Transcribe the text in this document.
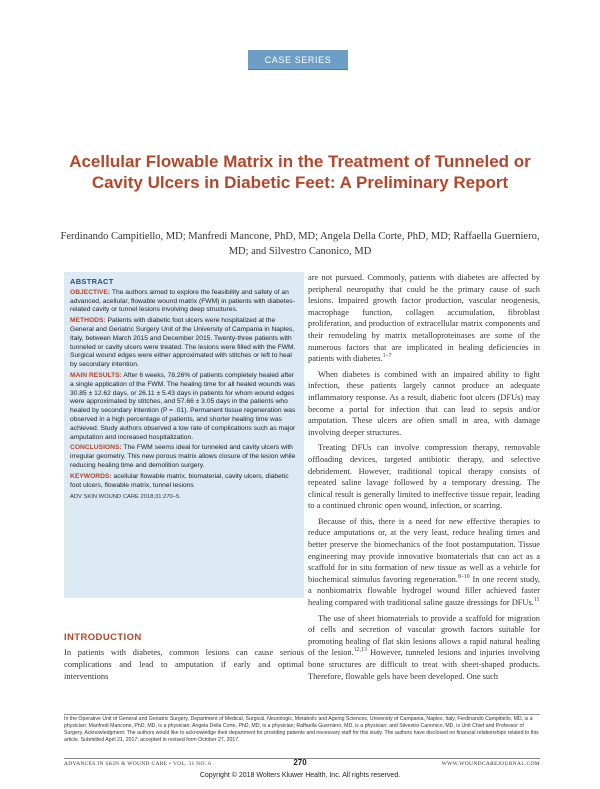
CASE SERIES
Acellular Flowable Matrix in the Treatment of Tunneled or Cavity Ulcers in Diabetic Feet: A Preliminary Report

Ferdinando Campitiello, MD; Manfredi Mancone, PhD, MD; Angela Della Corte, PhD, MD; Raffaella Guerniero, MD; and Silvestro Canonico, MD

ABSTRACT

OBJECTIVE: The authors aimed to explore the feasibility and safety of an advanced, acellular, flowable wound matrix (FWM) in patients with diabetes-related cavity or tunnel lesions involving deep structures.

METHODS: Patients with diabetic foot ulcers were hospitalized at the General and Geriatric Surgery Unit of the University of Campania in Naples, Italy, between March 2015 and December 2015. Twenty-three patients with tunneled or cavity ulcers were treated. The lesions were filled with the FWM. Surgical wound edges were either approximated with stitches or left to heal by secondary intention.

MAIN RESULTS: After 6 weeks, 78.26% of patients completely healed after a single application of the FWM. The healing time for all healed wounds was 30.85 ± 12.62 days, or 26.11 ± 5.43 days in patients for whom wound edges were approximated by stitches, and 57.66 ± 3.05 days in the patients who healed by secondary intention (P = .01). Permanent tissue regeneration was observed in a high percentage of patients, and shorter healing time was achieved. Study authors observed a low rate of complications such as major amputation and increased hospitalization.

CONCLUSIONS: The FWM seems ideal for tunneled and cavity ulcers with irregular geometry. This new porous matrix allows closure of the lesion while reducing healing time and demolition surgery.

KEYWORDS: acellular flowable matrix, biomaterial, cavity ulcers, diabetic foot ulcers, flowable matrix, tunnel lesions

ADV SKIN WOUND CARE 2018;31:270–5.
INTRODUCTION

In patients with diabetes, common lesions can cause serious complications and lead to amputation if early and optimal interventions

are not pursued. Commonly, patients with diabetes are affected by peripheral neuropathy that could be the primary cause of such lesions. Impaired growth factor production, vascular neogenesis, macrophage function, collagen accumulation, fibroblast proliferation, and production of extracellular matrix components and their remodeling by matrix metalloproteinases are some of the numerous factors that are implicated in healing deficiencies in patients with diabetes.$^{1-7}$

When diabetes is combined with an impaired ability to fight infection, these patients largely cannot produce an adequate inflammatory response. As a result, diabetic foot ulcers (DFUs) may become a portal for infection that can lead to sepsis and/or amputation. These ulcers are often small in area, with damage involving deeper structures.

Treating DFUs can involve compression therapy, removable offloading devices, targeted antibiotic therapy, and selective debridement. However, traditional topical therapy consists of repeated saline lavage followed by a temporary dressing. The clinical result is generally limited to ineffective tissue repair, leading to a continued chronic open wound, infection, or scarring.

Because of this, there is a need for new effective therapies to reduce amputations or, at the very least, reduce healing times and better preserve the biomechanics of the foot postamputation. Tissue engineering may provide innovative biomaterials that can act as a scaffold for in situ formation of new tissue as well as a vehicle for biochemical stimulus favoring regeneration.$^{8-10}$ In one recent study, a nonbiomatrix flowable hydrogel wound filler achieved faster healing compared with traditional saline gauze dressings for DFUs.$^{11}$

The use of sheet biomaterials to provide a scaffold for migration of cells and secretion of vascular growth factors suitable for promoting healing of flat skin lesions allows a rapid natural healing of the lesion.$^{12,13}$ However, tunneled lesions and injuries involving bone structures are difficult to treat with sheet-shaped products. Therefore, flowable gels have been developed. One such

In the Operative Unit of General and Geriatric Surgery, Department of Medical, Surgical, Neurologic, Metabolic and Ageing Sciences, University of Campania, Naples, Italy, Ferdinando Campitiello, MD, is a physician; Manfredi Mancone, PhD, MD, is a physician; Angela Della Corte, PhD, MD, is a physician; Raffaella Guerniero, MD, is a physician; and Silvestro Canonico, MD, is Unit Chief and Professor of Surgery. Acknowledgment: The authors would like to acknowledge their department for providing patients and necessary staff for this study. The authors have disclosed no financial relationships related to this article. Submitted April 21, 2017; accepted in revised form October 27, 2017.

ADVANCES IN SKIN & WOUND CARE • VOL. 31 NO. 6	270	WWW.WOUNDCAREJOURNAL.COM
Copyright © 2018 Wolters Kluwer Health, Inc. All rights reserved.
